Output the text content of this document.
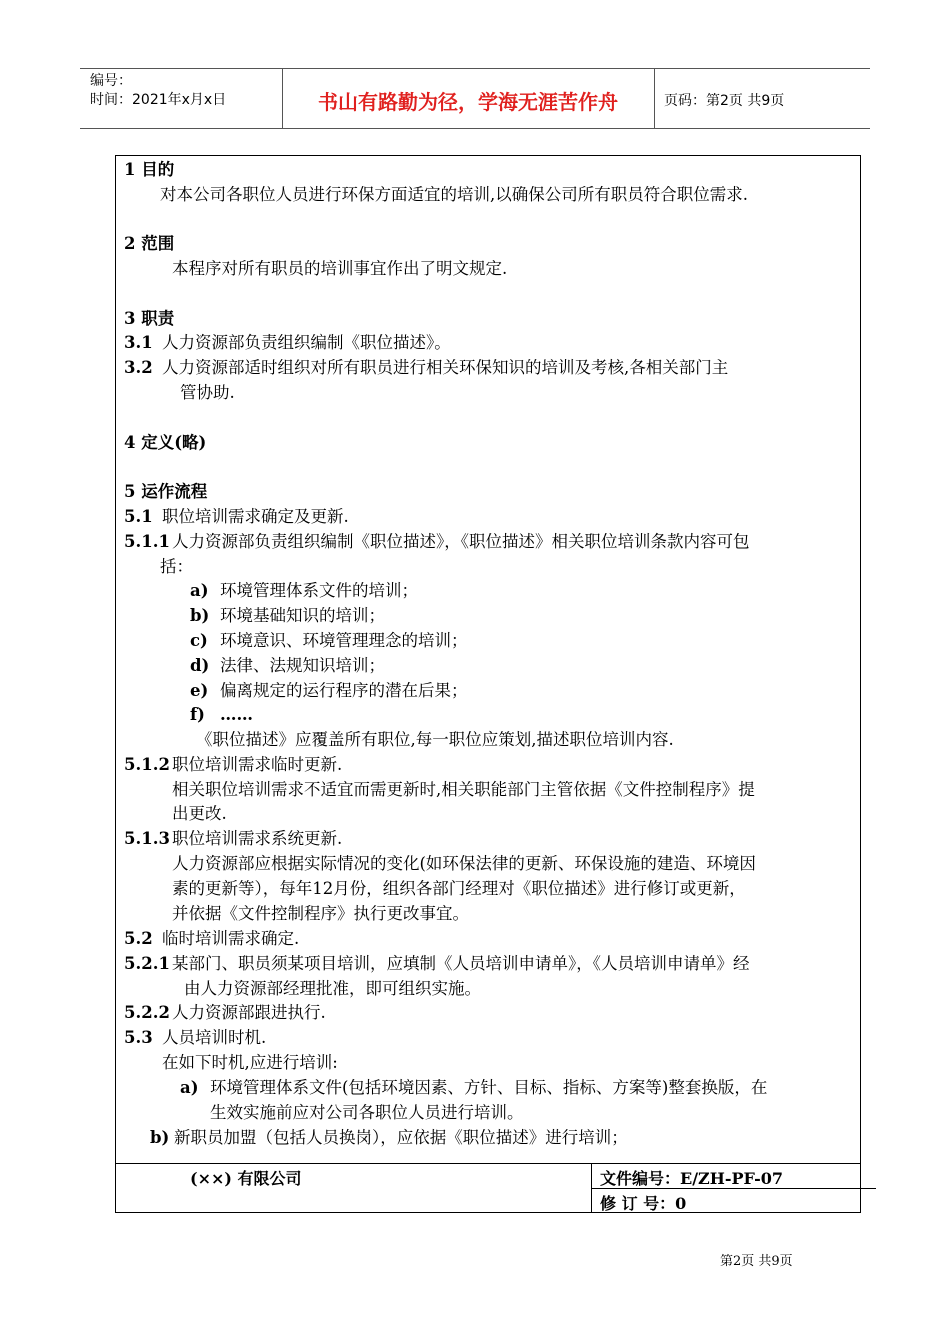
编号：
时间：2021年x月x日	书山有路勤为径，学海无涯苦作舟	页码：第2页 共9页
1 目的
对本公司各职位人员进行环保方面适宜的培训,以确保公司所有职员符合职位需求.
2 范围
本程序对所有职员的培训事宜作出了明文规定.
3 职责
3.1 人力资源部负责组织编制《职位描述》。
3.2 人力资源部适时组织对所有职员进行相关环保知识的培训及考核,各相关部门主
管协助.
4 定义(略)
5 运作流程
5.1 职位培训需求确定及更新.
5.1.1 人力资源部负责组织编制《职位描述》，《职位描述》相关职位培训条款内容可包
括：
a) 环境管理体系文件的培训；
b) 环境基础知识的培训；
c) 环境意识、环境管理理念的培训；
d) 法律、法规知识培训；
e) 偏离规定的运行程序的潜在后果；
f) ……
《职位描述》应覆盖所有职位,每一职位应策划,描述职位培训内容.
5.1.2 职位培训需求临时更新.
相关职位培训需求不适宜而需更新时,相关职能部门主管依据《文件控制程序》提
出更改.
5.1.3 职位培训需求系统更新.
人力资源部应根据实际情况的变化(如环保法律的更新、环保设施的建造、环境因
素的更新等），每年12月份，组织各部门经理对《职位描述》进行修订或更新，
并依据《文件控制程序》执行更改事宜。
5.2 临时培训需求确定.
5.2.1 某部门、职员须某项目培训，应填制《人员培训申请单》，《人员培训申请单》经
由人力资源部经理批准，即可组织实施。
5.2.2 人力资源部跟进执行.
5.3 人员培训时机.
在如下时机,应进行培训:
a) 环境管理体系文件(包括环境因素、方针、目标、指标、方案等)整套换版，在
生效实施前应对公司各职位人员进行培训。
b) 新职员加盟（包括人员换岗），应依据《职位描述》进行培训；
(××) 有限公司	文件编号：E/ZH-PF-07
修 订 号：0
第2页 共9页
